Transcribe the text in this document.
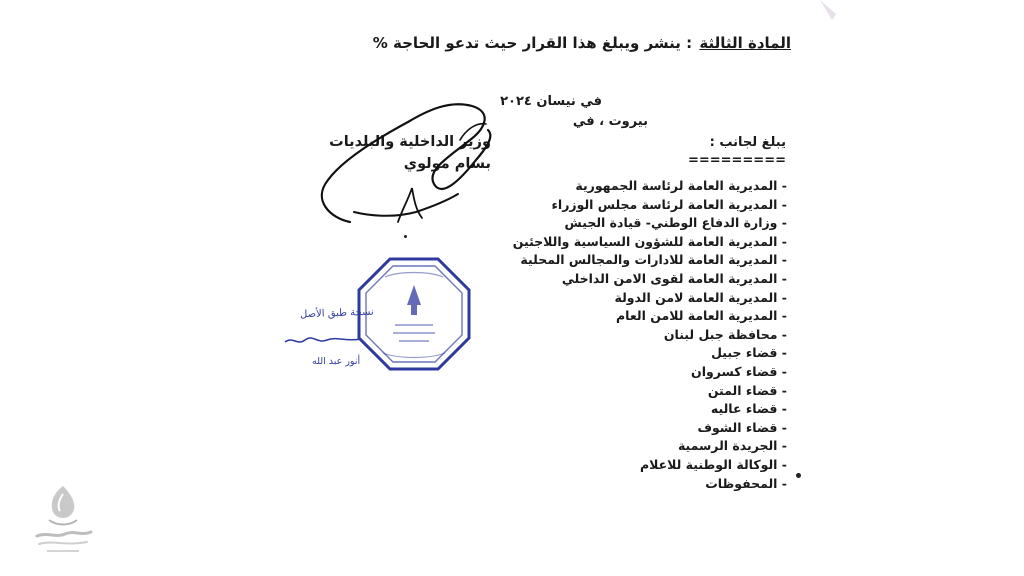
المادة الثالثة : ينشر ويبلغ هذا القرار حيث تدعو الحاجة %
في نيسان ٢٠٢٤
بيروت ، في
يبلغ لجانب :
=========
- المديرية العامة لرئاسة الجمهورية
- المديرية العامة لرئاسة مجلس الوزراء
- وزارة الدفاع الوطني- قيادة الجيش
- المديرية العامة للشؤون السياسية واللاجئين
- المديرية العامة للادارات والمجالس المحلية
- المديرية العامة لقوى الامن الداخلي
- المديرية العامة لامن الدولة
- المديرية العامة للامن العام
- محافظة جبل لبنان
- قضاء جبيل
- قضاء كسروان
- قضاء المتن
- قضاء عاليه
- قضاء الشوف
- الجريدة الرسمية
- الوكالة الوطنية للاعلام
- المحفوظات
وزير الداخلية والبلديات
بسام مولوي
نسخة طبق الأصل
أنور عبد الله
